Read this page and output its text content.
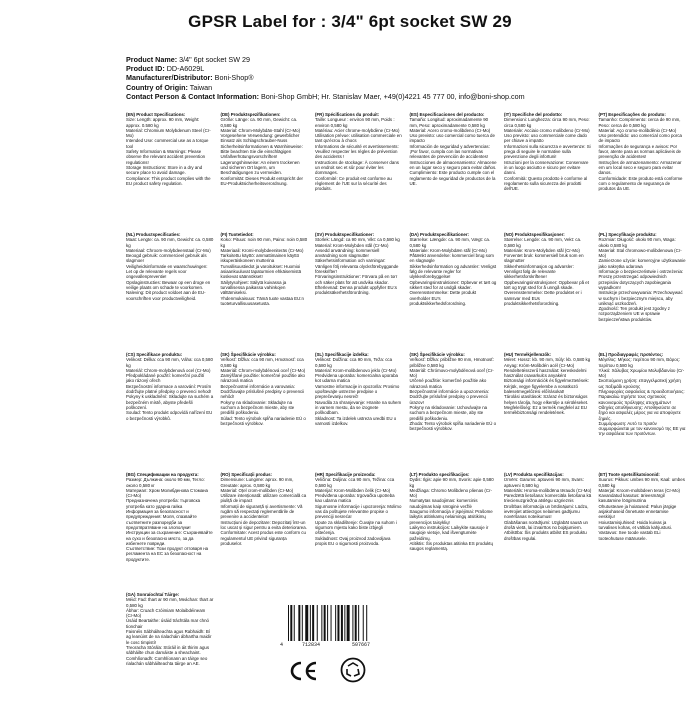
GPSR Label for : 3/4" 6pt socket SW 29
Product Name: 3/4" 6pt socket SW 29
Product ID: DD-A6029L
Manufacturer/Distributor: Boni-Shop®
Country of Origin: Taiwan
Contact Person & Contact Information: Boni-Shop GmbH; Hr. Stanislav Maer, +49(0)4221 45 777 00, info@boni-shop.com
(EN) Product Specifications:
Size: Length: approx. 90 mm, Weight: approx. 0.580 kg
Material: Chromium Molybdenum Steel (Cr-Mo)
Intended Use: commercial use as a torque tool
Safety Information & Warnings: Please observe the relevant accident prevention regulations!
Storage Instructions: Store in a dry and secure place to avoid damage.
Compliance: This product complies with the EU product safety regulation.
(DE) Produktspezifikationen:
Größe: Länge: ca. 90 mm, Gewicht: ca. 0,580 kg
Material: Chrom-Molybdän-Stahl (Cr-Mo)
Vorgesehene Verwendung: gewerblicher Einsatz als Schlagschrauber-Nuss
Sicherheitsinformationen & Warnhinweise: Bitte beachten Sie die einschlägigen Unfallverhütungsvorschriften!
Lagerungshinweise: An einem trockenen und sicheren Ort lagern, um Beschädigungen zu vermeiden.
Konformität: Dieses Produkt entspricht der EU-Produktsicherheitsverordnung.
(FR) Spécifications du produit:
Taille: Longueur : environ 90 mm, Poids : environ 0,580 kg
Matériau: Acier chrome-molybdène (Cr-Mo)
Utilisation prévue: utilisation commerciale en tant qu'écrou à chocs
Informations de sécurité et avertissements: Veuillez respecter les règles de prévention des accidents !
Instructions de stockage: À conserver dans un endroit sec et sûr pour éviter les dommages.
Conformité: Ce produit est conforme au règlement de l'UE sur la sécurité des produits.
(ES) Especificaciones del producto:
Tamaño: Longitud: aproximadamente 90 mm, Peso: aproximadamente 0,580 kg
Material: Acero cromo-molibdeno (Cr-Mo)
Uso previsto: uso comercial como tuerca de impacto
Información de seguridad y advertencias: ¡Por favor, cumpla con las normativas relevantes de prevención de accidentes!
Instrucciones de almacenamiento: Almacene en un lugar seco y seguro para evitar daños.
Cumplimiento: Este producto cumple con el reglamento de seguridad de productos de la UE.
(IT) Specifiche del prodotto:
Dimensioni: Lunghezza: circa 90 mm, Peso: circa 0,580 kg
Materiale: Acciaio cromo molibdeno (Cr-Mo)
Uso previsto: uso commerciale come dado per chiave a impatto
Informazioni sulla sicurezza e avvertenze: Si prega di seguire le normative sulla prevenzione degli infortuni!
Istruzioni per la conservazione: Conservare in un luogo asciutto e sicuro per evitare danni.
Conformità: Questo prodotto è conforme al regolamento sulla sicurezza dei prodotti dell'UE.
(PT) Especificações do produto:
Tamanho: Comprimento: cerca de 90 mm, Peso: cerca de 0,580 kg
Material: Aço cromo-molibdênio (Cr-Mo)
Uso pretendido: uso comercial como porca de impacto
Informações de segurança e avisos: Por favor, atente para as normas aplicáveis de prevenção de acidentes!
Instruções de armazenamento: Armazenar em um local seco e seguro para evitar danos.
Conformidade: Este produto está conforme com o regulamento de segurança de produtos da UE.
(NL) Productspecificaties:
Maat: Lengte: ca. 90 mm, Gewicht: ca. 0,580 kg
Materiaal: Chroom-molybdeenstaal (Cr-Mo)
Beoogd gebruik: commercieel gebruik als slagmoer
Veiligheidsinformatie en waarschuwingen: Let op de relevante regels voor ongevallenpreventie!
Opslaginstructies: Bewaar op een droge en veilige plaats om schade te voorkomen.
Naleving: Dit product voldoet aan de EU-voorschriften voor productveiligheid.
(FI) Tuotetiedot:
Koko: Pituus: noin 90 mm, Paino: noin 0,580 kg
Materiaali: Kromi-molybdeeniteräs (Cr-Mo)
Tarkoitettu käyttö: ammattimainen käyttö iskuperäiskoneen mutterina
Turvallisuustiedot ja varoitukset: Huomioi asiaankuuluvat tapaturmien ehkäisemistä koskevat säännökset!
Säilytysohjeet: Säilytä kuivassa ja turvallisessa paikassa vahinkojen välttämiseksi.
Yhdenmukaisuus: Tämä tuote vastaa EU:n tuoteturvallisuusasetusta.
(SV) Produktspecifikationer:
Storlek: Längd: ca 90 mm, Vikt: ca 0,580 kg
Material: Krom-Molybden stål (Cr-Mo)
Avsedd användning: kommersiell användning som slagmutter
Säkerhetsinformation och varningar: Vänligen följ relevanta olycksförebyggande föreskrifter!
Förvaringsinstruktioner: Förvara på en torr och säker plats för att undvika skador.
Efterlevnad: Denna produkt uppfyller EU:s produktsäkerhetsförordning.
(DA) Produktspecifikationer:
Størrelse: Længde: ca. 90 mm, Vægt: ca. 0,580 kg
Materiale: Krom-Molybdæn stål (Cr-Mo)
Påtænkt anvendelse: kommerciel brug som en slagnøgle
Sikkerhedsinformation og advarsler: Venligst følg de relevante regler for ulykkesforebyggelse!
Opbevaringsinstruktioner: Opbevar et tørt og sikkert sted for at undgå skader.
Overensstemmelse: Dette produkt overholder EU's produktsikkerhedsforordning.
(NO) Produktspesifikasjoner:
Størrelse: Lengde: ca. 90 mm, Vekt: ca. 0,580 kg
Materiale: Krom-Molybden stål (Cr-Mo)
Forventet bruk: kommersiell bruk som en slagmutter
Sikkerhetsinformasjon og advarsler: Vennligst følg de relevante sikkerhetsforskriftene!
Oppbevaringsinstruksjoner: Oppbevar på et tørt og trygt sted for å unngå skade.
Overensstemmelse: Dette produktet er i samsvar med EUs produktsikkerhetsforordning.
(PL) Specyfikacje produktu:
Rozmiar: Długość: około 90 mm, Waga: około 0,580 kg
Materiał: Stal chromowo-molibdenowa (Cr-Mo)
Zamierzone użycie: komercyjne użytkowanie jako nakrętka udarowa
Informacje o bezpieczeństwie i ostrzeżenia: Proszę przestrzegać odpowiednich przepisów dotyczących zapobiegania wypadkom!
Instrukcje przechowywania: Przechowywać w suchym i bezpiecznym miejscu, aby uniknąć uszkodzeń.
Zgodność: Ten produkt jest zgodny z rozporządzeniem UE w sprawie bezpieczeństwa produktów.
(CS) Specifikace produktu:
Velikost: Délka: cca 90 mm, Váha: cca 0,580 kg
Materiál: Chrom-molybdenová ocel (Cr-Mo)
Předpokládané použití: komerční použití jako rázový ořech
Bezpečnostní informace a varování: Prosím dodržujte platné předpisy o prevenci nehod!
Pokyny k uskladnění: Skladujte na suchém a bezpečném místě, abyste předešli poškození.
Soulad: Tento produkt odpovídá nařízení EU o bezpečnosti výrobků.
(SK) Špecifikácie výrobku:
Veľkosť: Dĺžka: cca 90 mm, Hmotnosť: cca 0,580 kg
Materiál: Chrom-molybdénová oceľ (Cr-Mo)
Zamýšľané použitie: komerčné použitie ako nárazová matica
Bezpečnostné informácie a varovania: Dodržiavajte príslušné predpisy o prevencii nehôd!
Pokyny na skladovanie: Skladujte na suchom a bezpečnom mieste, aby ste predišli poškodeniu.
Súlad: Tento výrobok spĺňa nariadenie EÚ o bezpečnosti výrobkov.
(SL) Specifikacije izdelka:
Velikost: Dolžina: cca 90 mm, Teža: cca 0,580 kg
Material: Krom-molibdenovo jeklo (Cr-Mo)
Predvidena uporaba: komercialna uporaba kot udarna matica
Varnostne informacije in opozorila: Prosimo upoštevajte ustrezne predpise o preprečevanju nesreč!
Navodila za shranjevanje: Hranite na suhem in varnem mestu, da se izognete poškodbam.
Skladnost: Ta izdelek ustreza uredbi EU o varnosti izdelkov.
(SK) Špecifikácie výrobku:
Veľkosť: Dĺžka: približne 90 mm, Hmotnosť: približne 0,580 kg
Materiál: Chrómovo-molybdénová oceľ (Cr-Mo)
Určené použitie: komerčné použitie ako nárazová matica
Bezpečnostné informácie a upozornenia: Dodržujte príslušné predpisy o prevencii úrazov!
Pokyny na skladovanie: Uchovávajte na suchom a bezpečnom mieste, aby ste predišli poškodeniu.
Zhoda: Tento výrobok spĺňa nariadenie EÚ o bezpečnosti výrobkov.
(HU) Termékjellemzők:
Méret: Hossz: kb. 90 mm, Súly: kb. 0,580 kg
Anyag: Króm-Molibdén acél (Cr-Mo)
Rendeltetésszerű használat: kereskedelmi használat csavarkulcs anyaként
Biztonsági információk és figyelmeztetések: Kérjük, vegye figyelembe a vonatkozó balesetmegelőzési előírásokat!
Tárolási utasítások: Száraz és biztonságos helyen tárolja, hogy elkerülje a sérüléseket.
Megfelelőség: Ez a termék megfelel az EU termékbiztonsági rendeletének.
(EL) Προδιαγραφές προϊόντος:
Μέγεθος: Μήκος: περίπου 90 mm, Βάρος: περίπου 0,580 kg
Υλικό: Χάλυβας Χρωμίου Μολυβδαινίου (Cr-Mo)
Σκοπούμενη χρήση: επαγγελματική χρήση ως παξιμάδι κρούσης
Πληροφορίες ασφαλείας & προειδοποιήσεις: Παρακαλώ τηρήστε τους σχετικούς κανονισμούς πρόληψης ατυχημάτων!
Οδηγίες αποθήκευσης: Αποθηκεύστε σε ξηρό και ασφαλές μέρος για να αποφύγετε ζημιές.
Συμμόρφωση: Αυτό το προϊόν συμμορφώνεται με τον κανονισμό της ΕΕ για την ασφάλεια των προϊόντων.
(BG) Спецификации на продукта:
Размер: Дължина: около 90 мм, Тегло: около 0,580 кг
Материал: Хром Молибденова Стомана (Cr-Mo)
Предназначена употреба: търговска употреба като ударна гайка
Информация за безопасност и предупреждения: Моля, спазвайте съответните разпоредби за предотвратяване на злополуки!
Инструкции за съхранение: Съхранявайте на сухо и безопасно място, за да избегнете повреди.
Съответствие: Този продукт отговаря на регламента на ЕС за безопасност на продуктите.
(RO) Specificații produs:
Dimensiune: Lungime: aprox. 90 mm, Greutate: aprox. 0,580 kg
Material: Oțel crom-molibden (Cr-Mo)
Utilizare intenționată: utilizare comercială ca piuliță de impact
Informații de siguranță și avertismente: Vă rugăm să respectați reglementările de prevenire a accidentelor!
Instrucțiuni de depozitare: Depozitați într-un loc uscat și sigur pentru a evita deteriorarea.
Conformitate: Acest produs este conform cu regulamentul UE privind siguranța produselor.
(HR) Specifikacije proizvoda:
Veličina: Duljina: cca 90 mm, Težina: cca 0,580 kg
Materijal: Krom-Molibden čelik (Cr-Mo)
Predviđena uporaba: trgovačka upotreba kao udarna matica
Sigurnosne informacije i upozorenja: Molimo vas da poštujete relevantne propise o prevenciji nesreća!
Upute za skladištenje: Čuvajte na suhom i sigurnom mjestu kako biste izbjegli oštećenja.
Sukladnost: Ovaj proizvod zadovoljava propis EU o sigurnosti proizvoda.
(LT) Produkto specifikacijos:
Dydis: Ilgis: apie 90 mm, Svoris: apie 0,580 kg
Medžiaga: Chromo Molibdeno plienas (Cr-Mo)
Numatytas naudojimas: komercinis naudojimas kaip smūginė veržlė
Saugumo informacija ir įspėjimai: Prašome laikytis atitinkamų nelaimingų atsitikimų prevencijos taisyklių!
Laikymo instrukcijos: Laikykite sausoje ir saugioje vietoje, kad išvengtumėte pažeidimų.
Atitiktis: Šis produktas atitinka ES produktų saugos reglamentą.
(LV) Produkta specifikācijas:
Izmērs: Garums: aptuveni 90 mm, Svars: aptuveni 0,580 kg
Materiāls: Hroma-molibdēna tērauds (Cr-Mo)
Paredzētā lietošana: komerciāla lietošana kā triecienuzgriežņa atslēgu uzgrieznis
Drošības informācija un brīdinājumi: Lūdzu, ievērojiet attiecīgos nelaimes gadījumu novēršanas noteikumus!
Glabāšanas norādījumi: Uzglabāt sausā un drošā vietā, lai izvairītos no bojājumiem.
Atbilstība: Šis produkts atbilst ES produktu drošības regulai.
(ET) Toote spetsifikatsioonid:
Suurus: Pikkus: umbes 90 mm, Kaal: umbes 0,580 kg
Materjal: Kroom-molübdeen teras (Cr-Mo)
Kavandatud kasutus: ärieesmärgil kasutamine löögimutrina
Ohutusteave ja hoiatused: Palun järgige asjakohaseid õnnetuste ennetamise eeskirju!
Hoiustamisjuhised: Hoida kuivas ja turvalises kohas, et vältida kahjustusi.
Vastavus: See toode vastab ELi tooteohutuse määrusele.
(GA) Sonraíochtaí Táirge:
Méid: Fad: thart ar 90 mm, Meáchan: thart ar 0,580 kg
Ábhar: Cruach Cróimiam Molaibdéineam (Cr-Mo)
Úsáid Beartaithe: úsáid tráchtála mar chnó tionchair
Faisnéis Sábháilteachta agus Rabhaidh: Bí ag leanúint de na rialacháin ábhartha maidir le cosc timpistí!
Treoracha Stórála: Stóráil in áit thirim agus sábháilte chun damáiste a sheachaint.
Comhlíonadh: Comhlíonann an táirge seo rialachán sábháilteachta táirge an AE.
4	712834	507667
